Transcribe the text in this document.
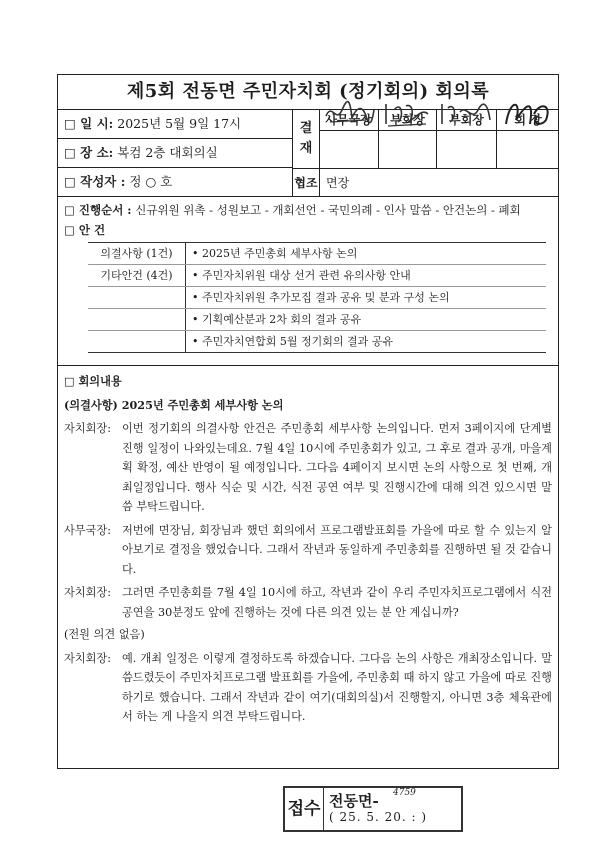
제5회 전동면 주민자치회 (정기회의) 회의록
□ 일 시: 2025년 5월 9일 17시
□ 장 소: 복컴 2층 대회의실
□ 작성자 : 정 ○ 호
결
재
사무국장	부회장	부회장	회 장
협조 면장
□ 진행순서 : 신규위원 위촉 - 성원보고 - 개회선언 - 국민의례 - 인사 말씀 - 안건논의 - 폐회
□ 안 건
의결사항 (1건)	• 2025년 주민총회 세부사항 논의
기타안건 (4건)	• 주민자치위원 대상 선거 관련 유의사항 안내
• 주민자치위원 추가모집 결과 공유 및 분과 구성 논의
• 기획예산분과 2차 회의 결과 공유
• 주민자치연합회 5월 정기회의 결과 공유
□ 회의내용
(의결사항) 2025년 주민총회 세부사항 논의
자치회장: 이번 정기회의 의결사항 안건은 주민총회 세부사항 논의입니다. 먼저 3페이지에 단계별 진행 일정이 나와있는데요. 7월 4일 10시에 주민총회가 있고, 그 후로 결과 공개, 마을계획 확정, 예산 반영이 될 예정입니다. 그다음 4페이지 보시면 논의 사항으로 첫 번째, 개최일정입니다. 행사 식순 및 시간, 식전 공연 여부 및 진행시간에 대해 의견 있으시면 말씀 부탁드립니다.
사무국장: 저번에 면장님, 회장님과 했던 회의에서 프로그램발표회를 가을에 따로 할 수 있는지 알아보기로 결정을 했었습니다. 그래서 작년과 동일하게 주민총회를 진행하면 될 것 같습니다.
자치회장: 그러면 주민총회를 7월 4일 10시에 하고, 작년과 같이 우리 주민자치프로그램에서 식전 공연을 30분정도 앞에 진행하는 것에 다른 의견 있는 분 안 계십니까?
(전원 의견 없음)
자치회장: 예. 개최 일정은 이렇게 결정하도록 하겠습니다. 그다음 논의 사항은 개최장소입니다. 말씀드렸듯이 주민자치프로그램 발표회를 가을에, 주민총회 때 하지 않고 가을에 따로 진행하기로 했습니다. 그래서 작년과 같이 여기(대회의실)서 진행할지, 아니면 3층 체육관에서 하는 게 나을지 의견 부탁드립니다.
접수 전동면- 4759
( 25. 5. 20. : )
